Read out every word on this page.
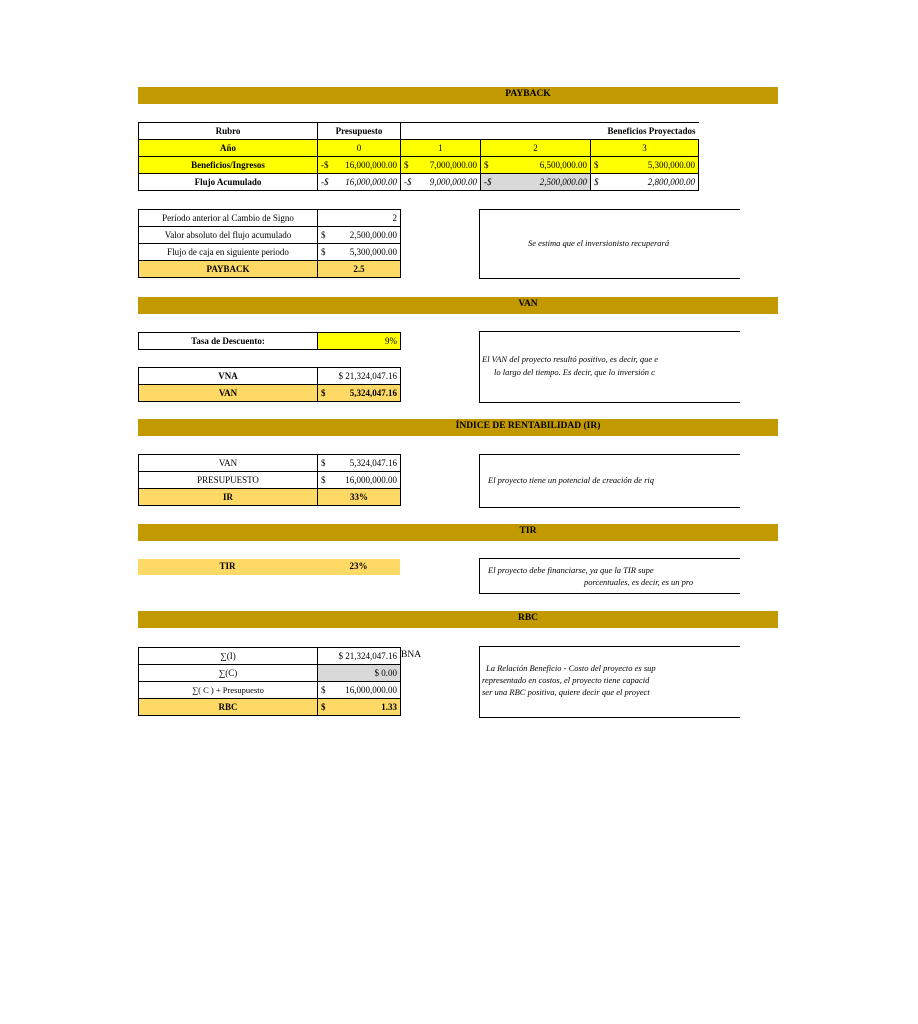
PAYBACK
Rubro	Presupuesto	Beneficios Proyectados		
Año	0	1	2	3
Beneficios/Ingresos	-$ 16,000,000.00	$ 7,000,000.00	$ 6,500,000.00	$ 5,300,000.00

Flujo Acumulado	-$ 16,000,000.00	-$ 9,000,000.00	-$ 2,500,000.00	$ 2,800,000.00
Período anterior al Cambio de Signo	2
Valor absoluto del flujo acumulado	$ 2,500,000.00

Flujo de caja en siguiente periodo	$ 5,300,000.00

PAYBACK	2.5
Se estima que el inversionisto recuperará
VAN
Tasa de Descuento:	9%
VNA	$ 21,324,047.16
VAN	$ 5,324,047.16
El VAN del proyecto resultó positivo, es decir, que e
lo largo del tiempo. Es decir, que lo inversión c
ÍNDICE DE RENTABILIDAD (IR)
VAN	$ 5,324,047.16

PRESUPUESTO	$ 16,000,000.00

IR	33%
El proyecto tiene un potencial de creación de riq
TIR
TIR	23%	El proyecto debe financiarse, ya que la TIR supe
porcentuales, es decir, es un pro
RBC
∑(I)	$ 21,324,047.16
∑(C)	$ 0.00
∑( C ) + Presupuesto	$ 16,000,000.00

RBC	$ 1.33
BNA
La Relación Beneficio - Costo del proyecto es sup
representado en costos, el proyecto tiene capacid
ser una RBC positiva, quiere decir que el proyect
